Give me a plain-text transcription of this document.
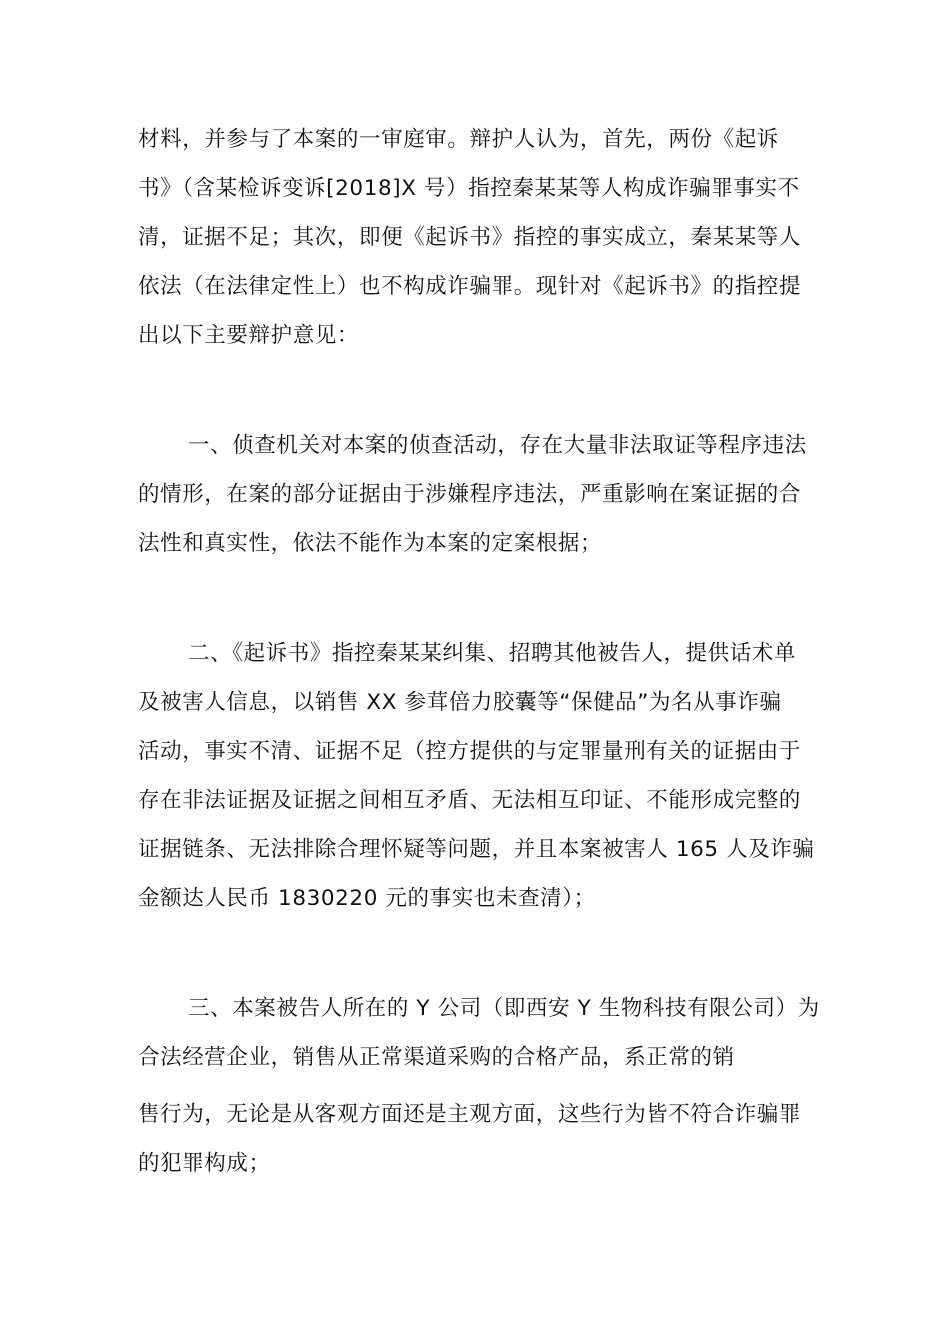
材料，并参与了本案的一审庭审。辩护人认为，首先，两份《起诉

书》（含某检诉变诉[2018]X 号）指控秦某某等人构成诈骗罪事实不

清，证据不足；其次，即便《起诉书》指控的事实成立，秦某某等人

依法（在法律定性上）也不构成诈骗罪。现针对《起诉书》的指控提

出以下主要辩护意见：

一、侦查机关对本案的侦查活动，存在大量非法取证等程序违法

的情形，在案的部分证据由于涉嫌程序违法，严重影响在案证据的合

法性和真实性，依法不能作为本案的定案根据；

二、《起诉书》指控秦某某纠集、招聘其他被告人，提供话术单

及被害人信息，以销售 XX 参茸倍力胶囊等“保健品”为名从事诈骗

活动，事实不清、证据不足（控方提供的与定罪量刑有关的证据由于

存在非法证据及证据之间相互矛盾、无法相互印证、不能形成完整的

证据链条、无法排除合理怀疑等问题，并且本案被害人 165 人及诈骗

金额达人民币 1830220 元的事实也未查清）；

三、本案被告人所在的 Y 公司（即西安 Y 生物科技有限公司）为

合法经营企业，销售从正常渠道采购的合格产品，系正常的销

售行为，无论是从客观方面还是主观方面，这些行为皆不符合诈骗罪

的犯罪构成；
